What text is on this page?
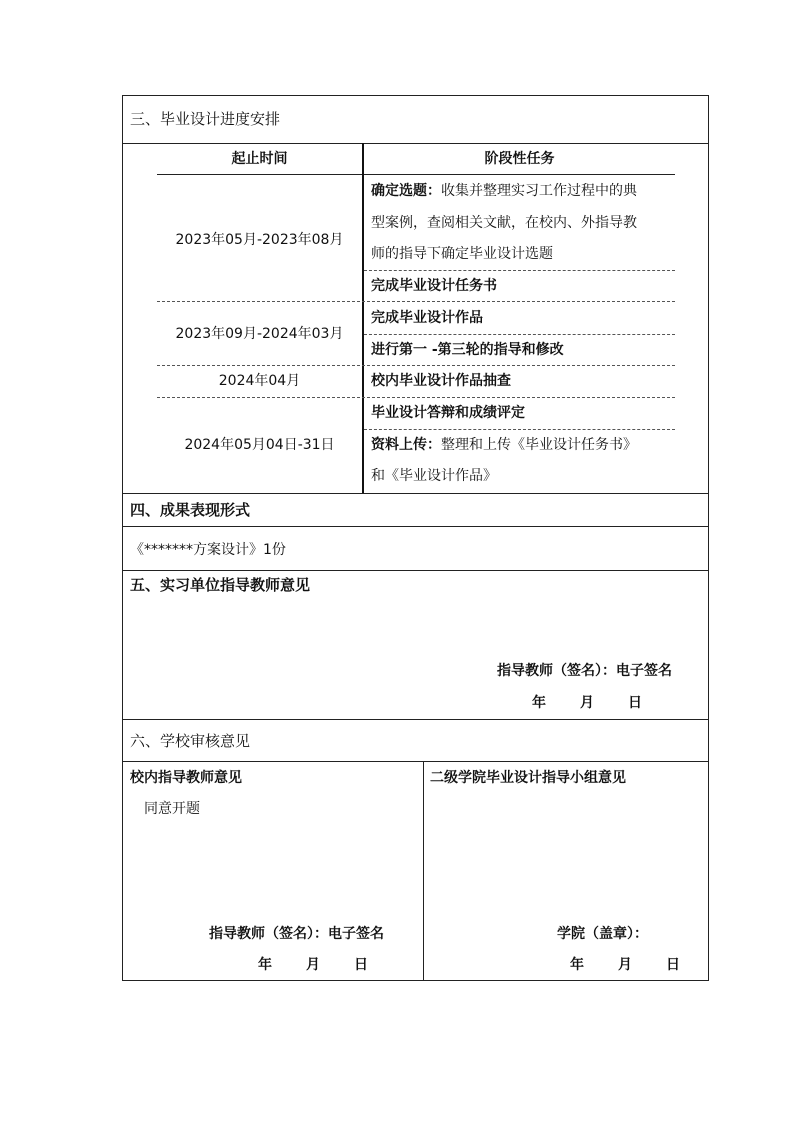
三、毕业设计进度安排
起止时间	阶段性任务
2023年05月-2023年08月
确定选题：收集并整理实习工作过程中的典
型案例，查阅相关文献，在校内、外指导教
师的指导下确定毕业设计选题
完成毕业设计任务书
2023年09月-2024年03月
完成毕业设计作品
进行第一 -第三轮的指导和修改
2024年04月	校内毕业设计作品抽查
2024年05月04日-31日
毕业设计答辩和成绩评定
资料上传：整理和上传《毕业设计任务书》
和《毕业设计作品》
四、成果表现形式
《*******方案设计》1份
五、实习单位指导教师意见
指导教师（签名）：电子签名
年 月 日
六、学校审核意见
校内指导教师意见
同意开题
指导教师（签名）：电子签名
年 月 日
二级学院毕业设计指导小组意见
学院（盖章）：
年 月 日
